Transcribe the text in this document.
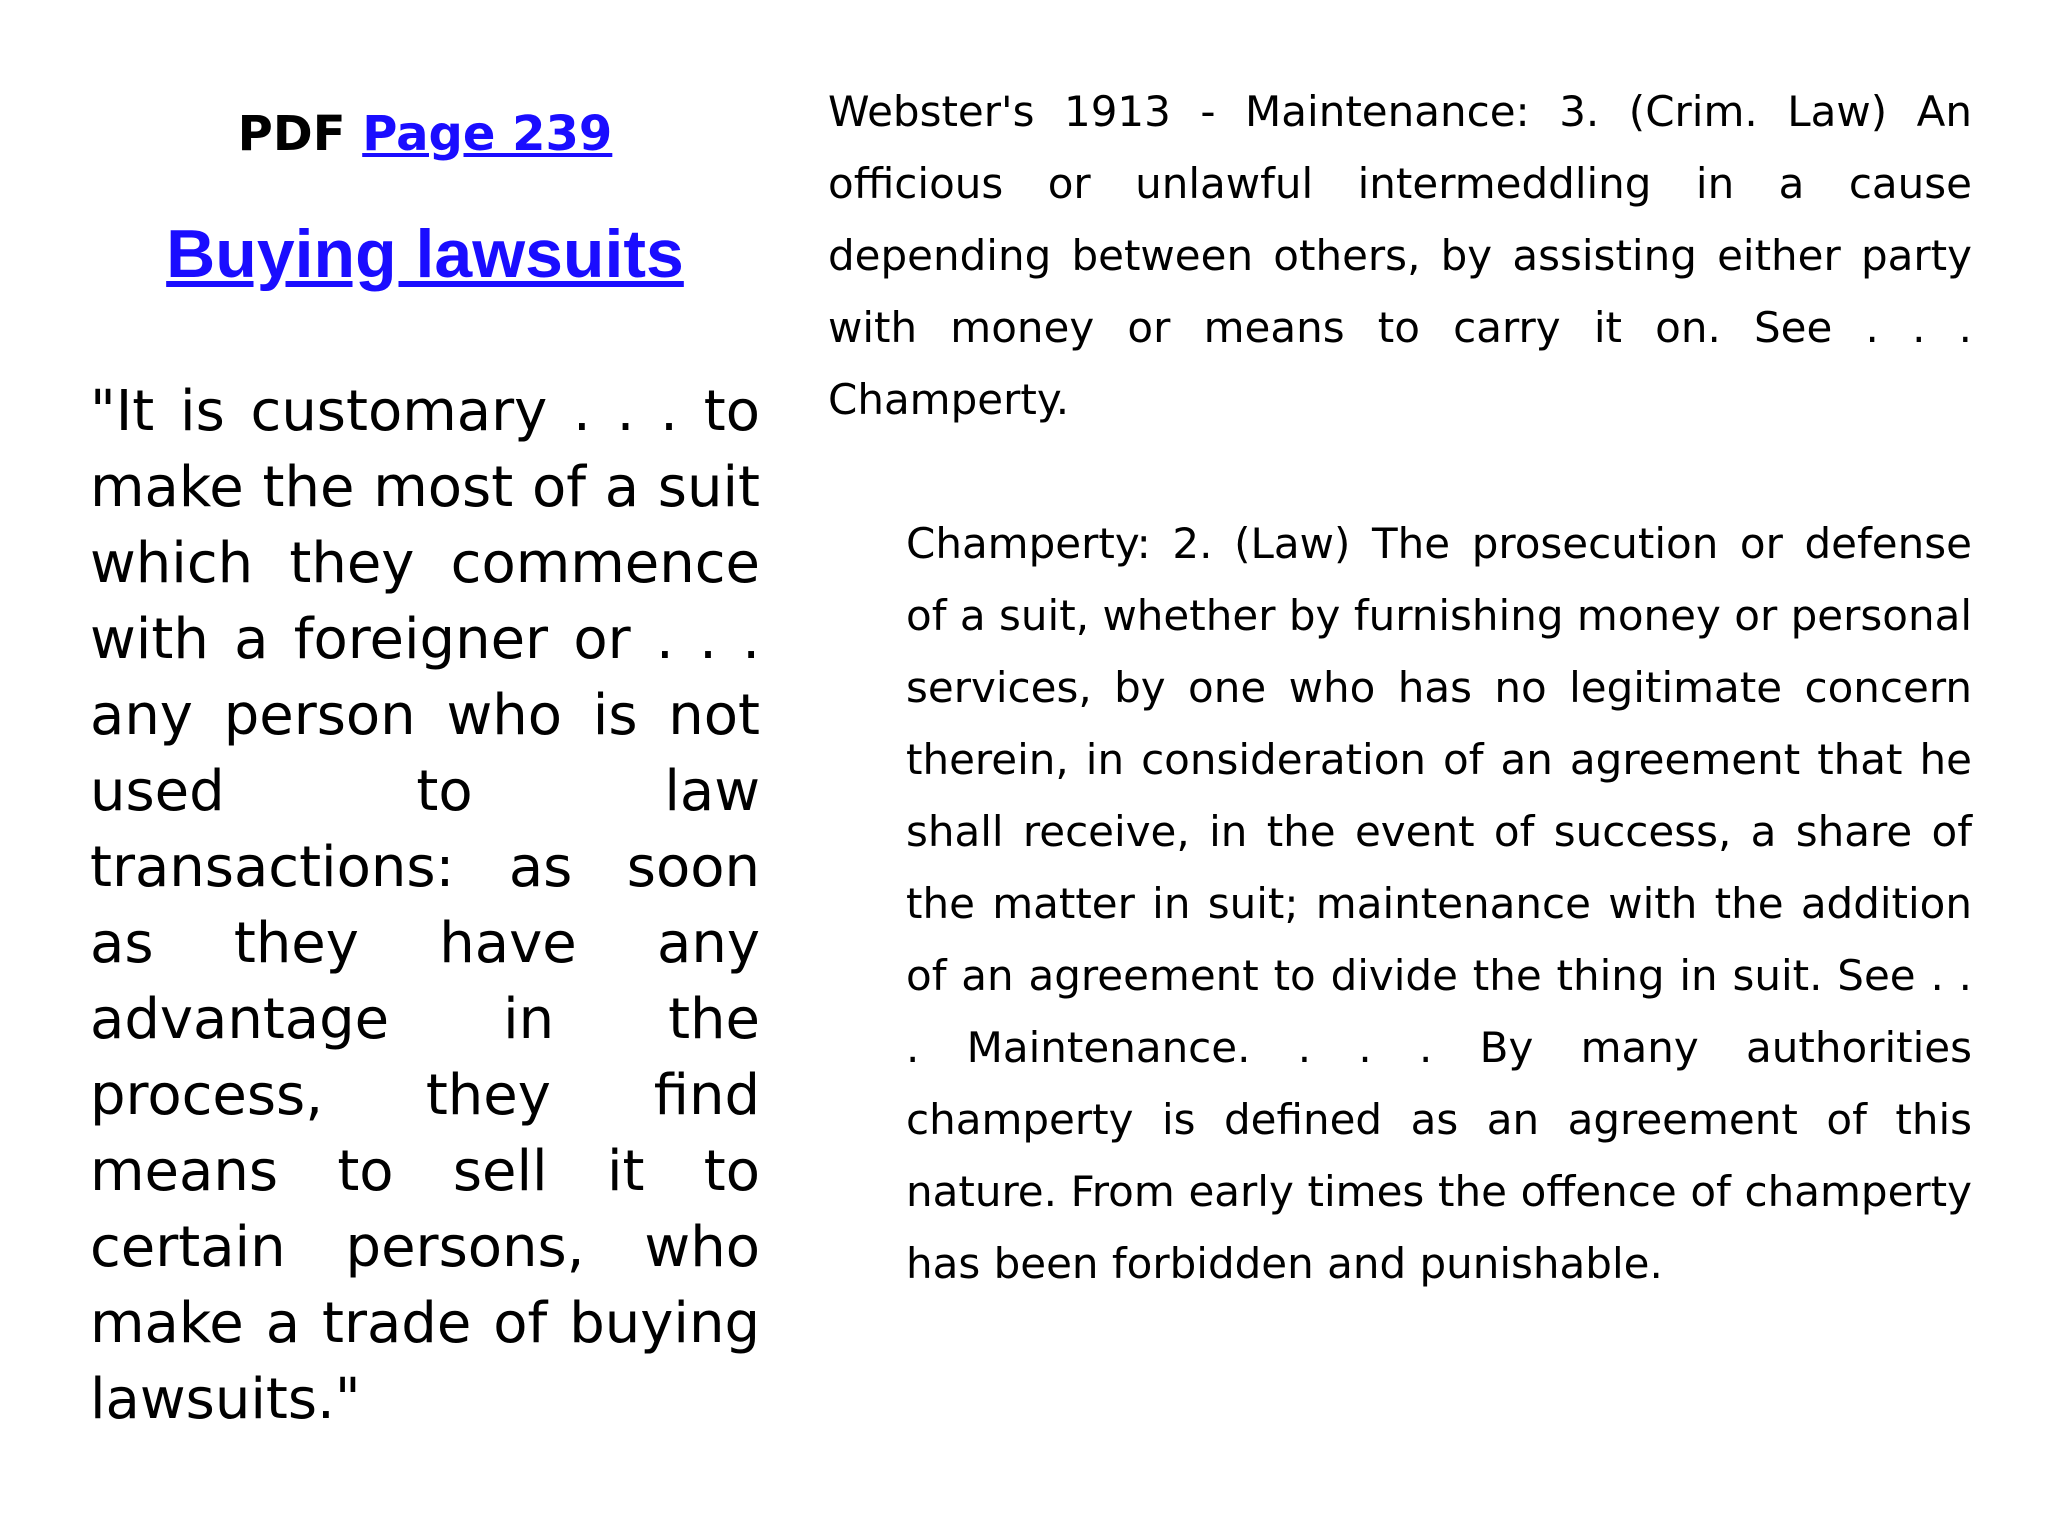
PDF Page 239
Buying lawsuits

"It is customary . . . to make the most of a suit which they commence with a foreigner or . . . any person who is not used to law transactions: as soon as they have any advantage in the process, they find means to sell it to certain persons, who make a trade of buying lawsuits."

Webster's 1913 - Maintenance: 3. (Crim. Law) An officious or unlawful intermeddling in a cause depending between others, by assisting either party with money or means to carry it on. See . . . Champerty.

Champerty: 2. (Law) The prosecution or defense of a suit, whether by furnishing money or personal services, by one who has no legitimate concern therein, in consideration of an agreement that he shall receive, in the event of success, a share of the matter in suit; maintenance with the addition of an agreement to divide the thing in suit. See . . . Maintenance. . . . By many authorities champerty is defined as an agreement of this nature. From early times the offence of champerty has been forbidden and punishable.
